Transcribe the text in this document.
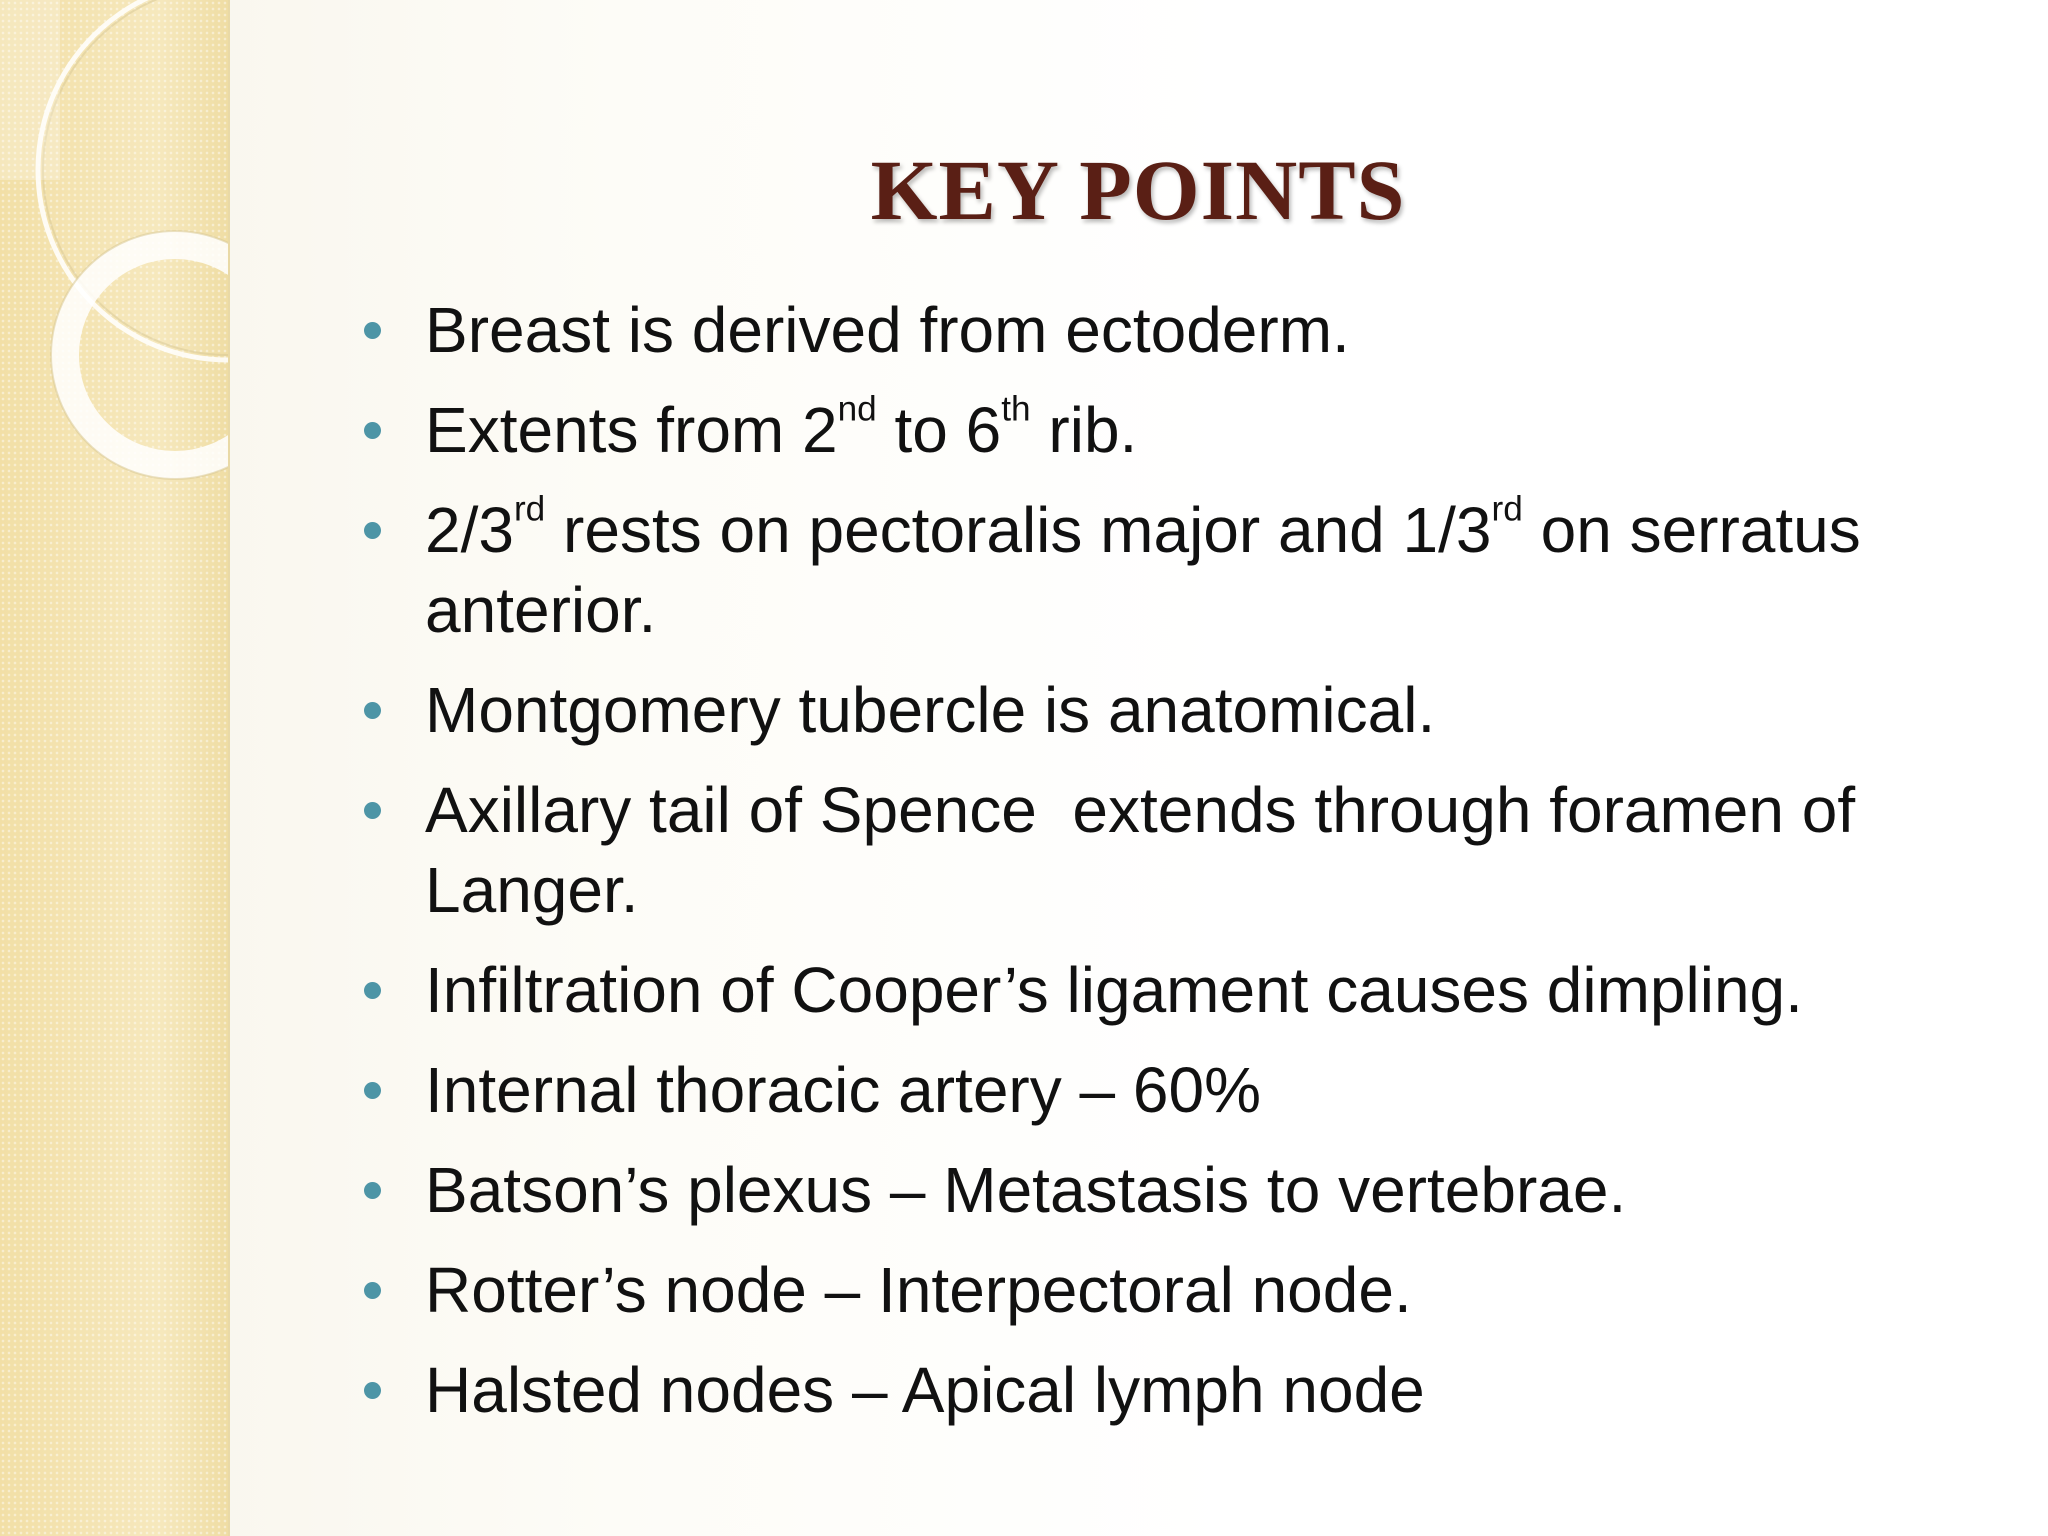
KEY POINTS
Breast is derived from ectoderm.
Extents from 2nd to 6th rib.
2/3rd rests on pectoralis major and 1/3rd on serratus anterior.
Montgomery tubercle is anatomical.
Axillary tail of Spence  extends through foramen of Langer.
Infiltration of Cooper’s ligament causes dimpling.
Internal thoracic artery – 60%
Batson’s plexus – Metastasis to vertebrae.
Rotter’s node – Interpectoral node.
Halsted nodes – Apical lymph node
